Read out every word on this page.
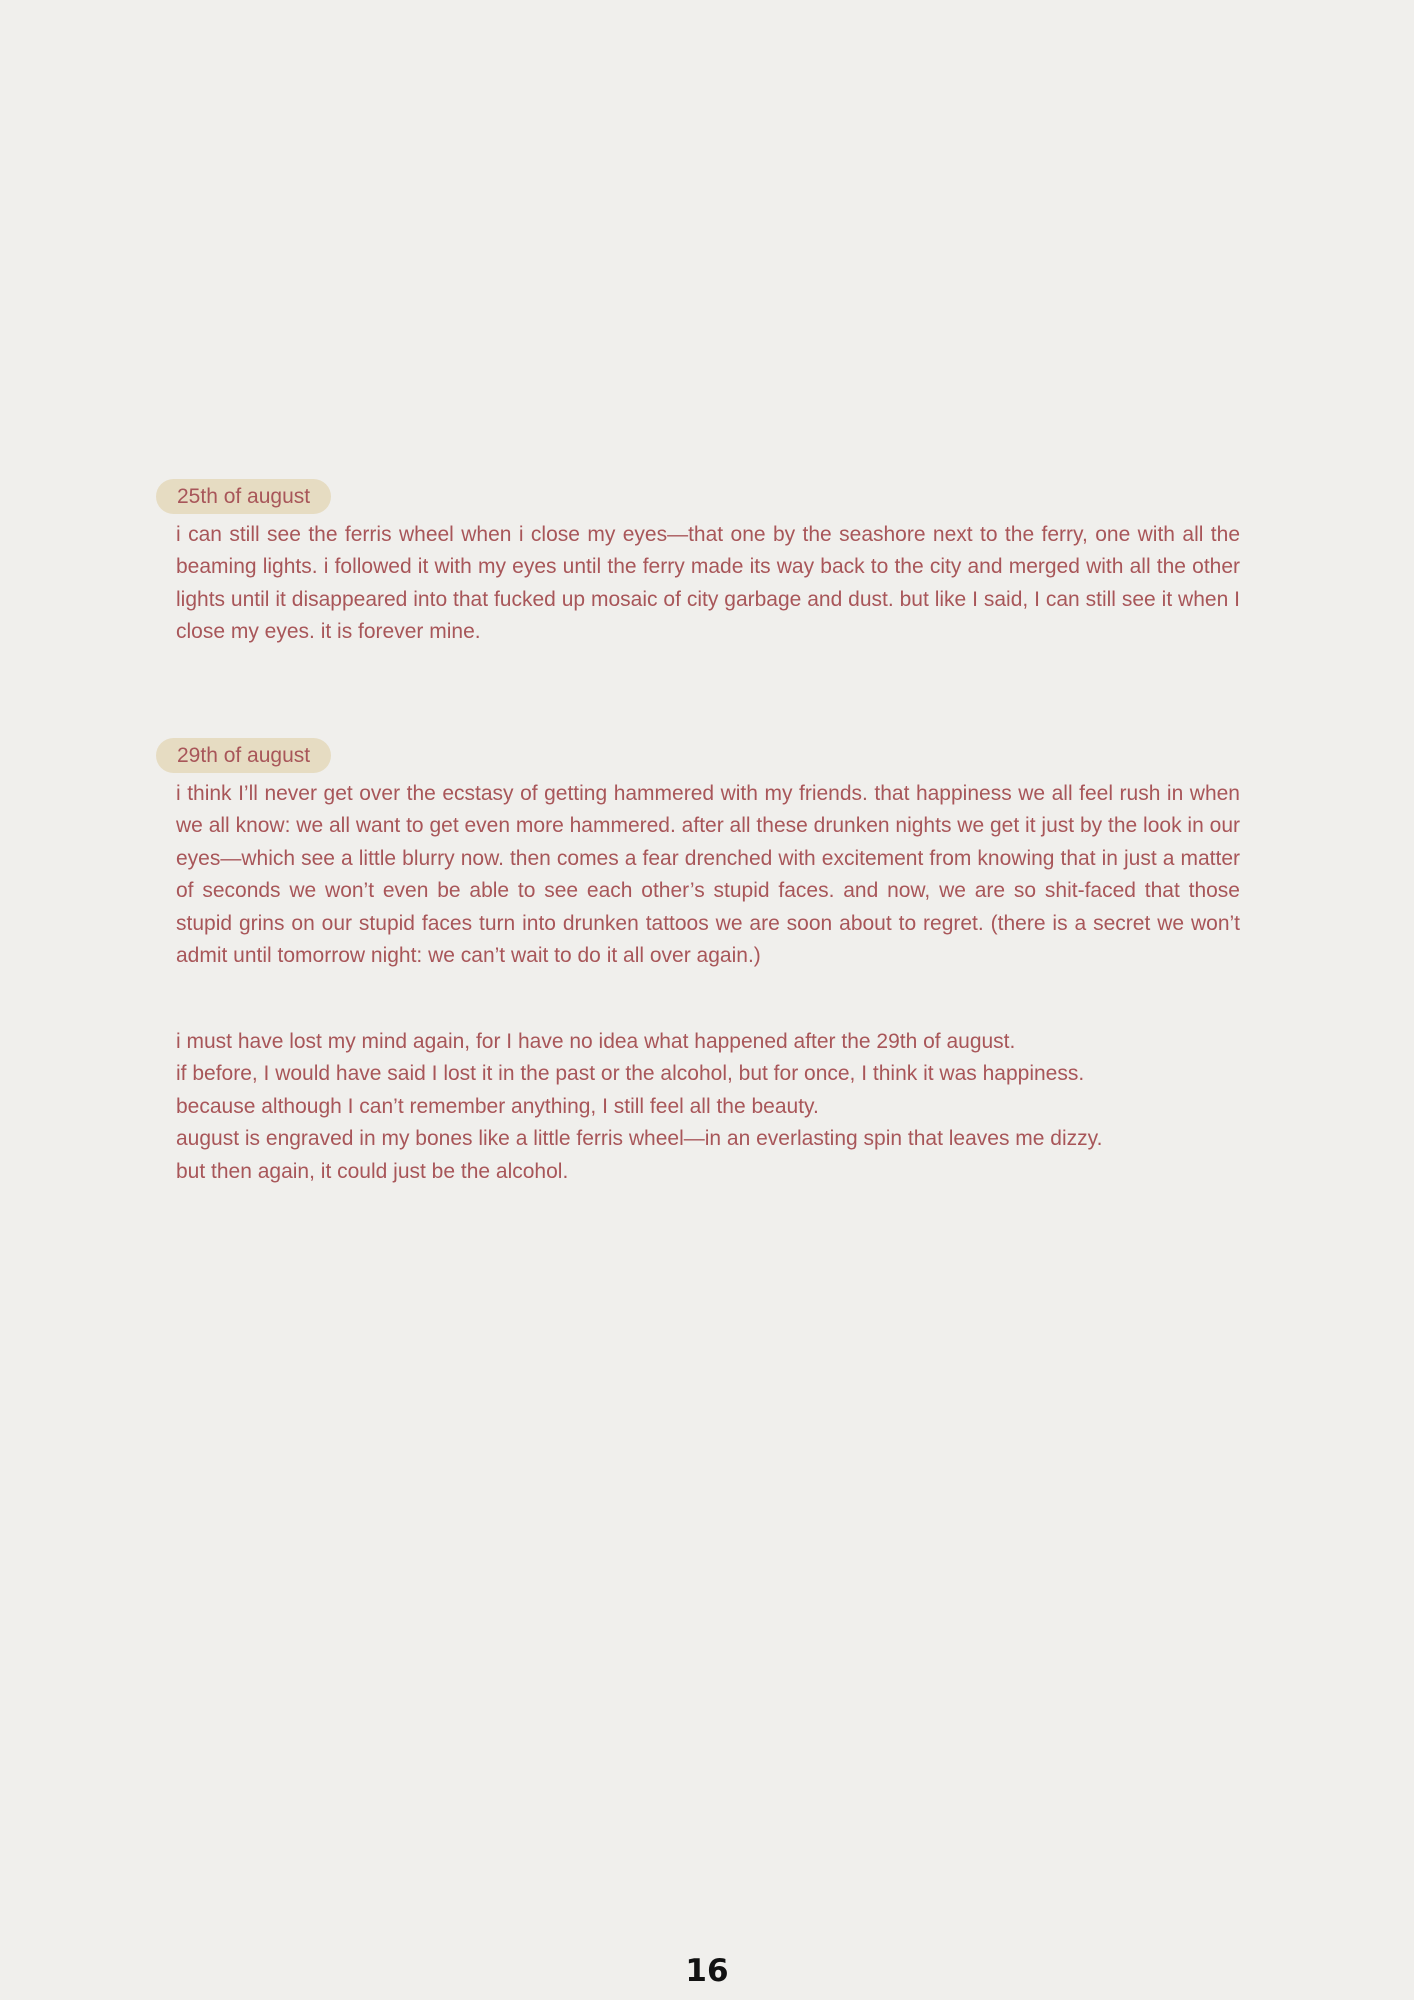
25th of august

i can still see the ferris wheel when i close my eyes—that one by the seashore next to the ferry, one with all the beaming lights. i followed it with my eyes until the ferry made its way back to the city and merged with all the other lights until it disappeared into that fucked up mosaic of city garbage and dust. but like I said, I can still see it when I close my eyes. it is forever mine.

29th of august

i think I’ll never get over the ecstasy of getting hammered with my friends. that happiness we all feel rush in when we all know: we all want to get even more hammered. after all these drunken nights we get it just by the look in our eyes—which see a little blurry now. then comes a fear drenched with excitement from knowing that in just a matter of seconds we won’t even be able to see each other’s stupid faces. and now, we are so shit-faced that those stupid grins on our stupid faces turn into drunken tattoos we are soon about to regret. (there is a secret we won’t admit until tomorrow night: we can’t wait to do it all over again.)

i must have lost my mind again, for I have no idea what happened after the 29th of august.
if before, I would have said I lost it in the past or the alcohol, but for once, I think it was happiness.
because although I can’t remember anything, I still feel all the beauty.
august is engraved in my bones like a little ferris wheel—in an everlasting spin that leaves me dizzy.
but then again, it could just be the alcohol.
16
